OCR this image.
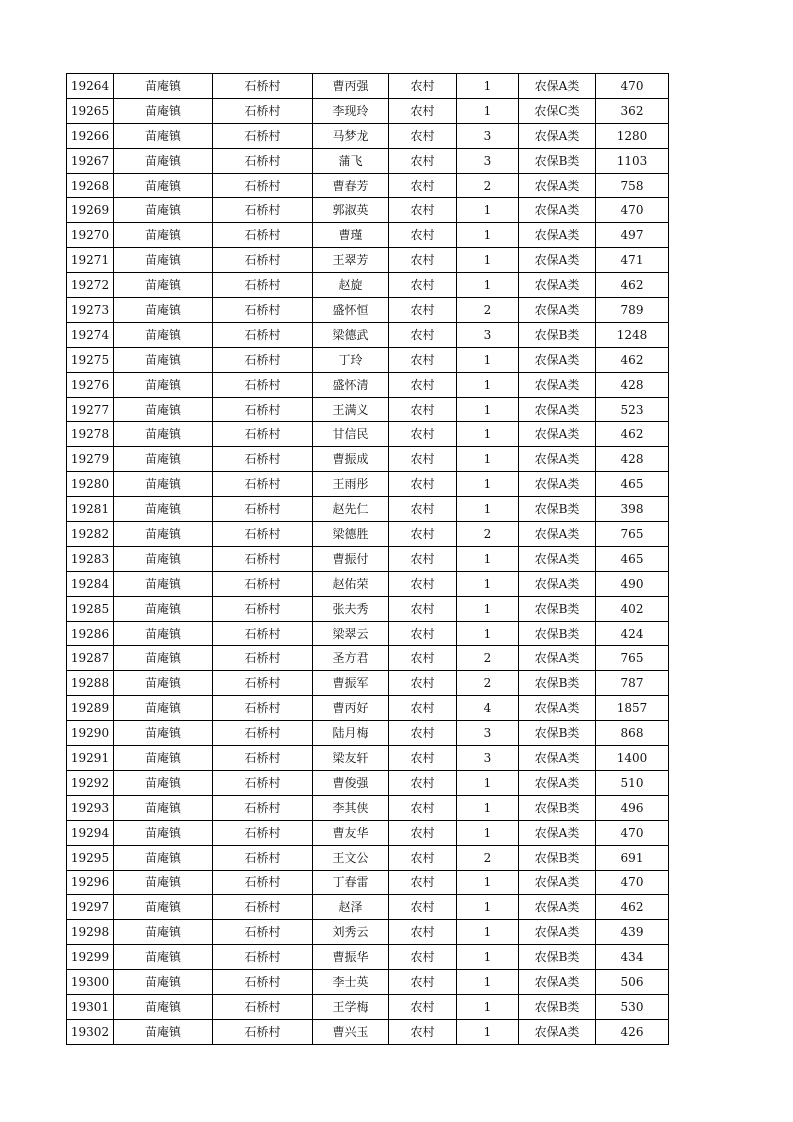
19264	苗庵镇	石桥村	曹丙强	农村	1	农保A类	470
19265	苗庵镇	石桥村	李现玲	农村	1	农保C类	362
19266	苗庵镇	石桥村	马梦龙	农村	3	农保A类	1280
19267	苗庵镇	石桥村	蒲飞	农村	3	农保B类	1103
19268	苗庵镇	石桥村	曹春芳	农村	2	农保A类	758
19269	苗庵镇	石桥村	郭淑英	农村	1	农保A类	470
19270	苗庵镇	石桥村	曹瑾	农村	1	农保A类	497
19271	苗庵镇	石桥村	王翠芳	农村	1	农保A类	471
19272	苗庵镇	石桥村	赵旋	农村	1	农保A类	462
19273	苗庵镇	石桥村	盛怀恒	农村	2	农保A类	789
19274	苗庵镇	石桥村	梁德武	农村	3	农保B类	1248
19275	苗庵镇	石桥村	丁玲	农村	1	农保A类	462
19276	苗庵镇	石桥村	盛怀清	农村	1	农保A类	428
19277	苗庵镇	石桥村	王满义	农村	1	农保A类	523
19278	苗庵镇	石桥村	甘信民	农村	1	农保A类	462
19279	苗庵镇	石桥村	曹振成	农村	1	农保A类	428
19280	苗庵镇	石桥村	王雨彤	农村	1	农保A类	465
19281	苗庵镇	石桥村	赵先仁	农村	1	农保B类	398
19282	苗庵镇	石桥村	梁德胜	农村	2	农保A类	765
19283	苗庵镇	石桥村	曹振付	农村	1	农保A类	465
19284	苗庵镇	石桥村	赵佑荣	农村	1	农保A类	490
19285	苗庵镇	石桥村	张夫秀	农村	1	农保B类	402
19286	苗庵镇	石桥村	梁翠云	农村	1	农保B类	424
19287	苗庵镇	石桥村	圣方君	农村	2	农保A类	765
19288	苗庵镇	石桥村	曹振军	农村	2	农保B类	787
19289	苗庵镇	石桥村	曹丙好	农村	4	农保A类	1857
19290	苗庵镇	石桥村	陆月梅	农村	3	农保B类	868
19291	苗庵镇	石桥村	梁友轩	农村	3	农保A类	1400
19292	苗庵镇	石桥村	曹俊强	农村	1	农保A类	510
19293	苗庵镇	石桥村	李其侠	农村	1	农保B类	496
19294	苗庵镇	石桥村	曹友华	农村	1	农保A类	470
19295	苗庵镇	石桥村	王文公	农村	2	农保B类	691
19296	苗庵镇	石桥村	丁春雷	农村	1	农保A类	470
19297	苗庵镇	石桥村	赵泽	农村	1	农保A类	462
19298	苗庵镇	石桥村	刘秀云	农村	1	农保A类	439
19299	苗庵镇	石桥村	曹振华	农村	1	农保B类	434
19300	苗庵镇	石桥村	李士英	农村	1	农保A类	506
19301	苗庵镇	石桥村	王学梅	农村	1	农保B类	530
19302	苗庵镇	石桥村	曹兴玉	农村	1	农保A类	426
